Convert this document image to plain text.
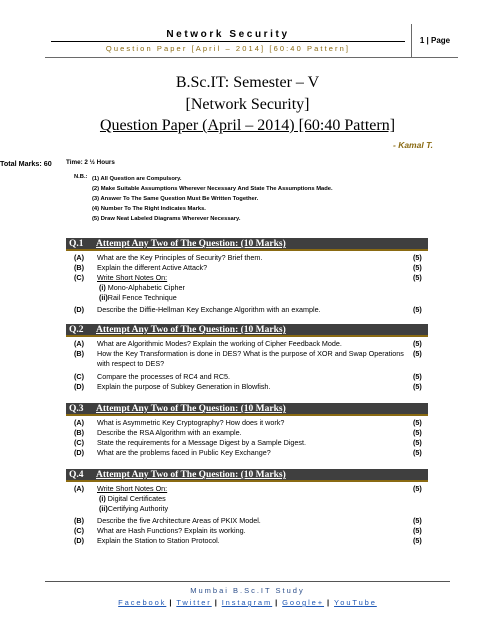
Network Security
Question Paper [April – 2014] [60:40 Pattern]
1 | Page
B.Sc.IT: Semester – V
[Network Security]
Question Paper (April – 2014) [60:40 Pattern]
- Kamal T.
Time: 2 ½ Hours
Total Marks: 60
N.B.: (1) All Question are Compulsory.
(2) Make Suitable Assumptions Wherever Necessary And State The Assumptions Made.
(3) Answer To The Same Question Must Be Written Together.
(4) Number To The Right Indicates Marks.
(5) Draw Neat Labeled Diagrams Wherever Necessary.
Q.1 Attempt Any Two of The Question: (10 Marks)
(A) What are the Key Principles of Security? Brief them.	(5)
(B) Explain the different Active Attack?	(5)
(C) Write Short Notes On:	(5)
(i) Mono-Alphabetic Cipher
(ii)Rail Fence Technique
(D) Describe the Diffie-Hellman Key Exchange Algorithm with an example.	(5)
Q.2 Attempt Any Two of The Question: (10 Marks)
(A) What are Algorithmic Modes? Explain the working of Cipher Feedback Mode.	(5)
(B) How the Key Transformation is done in DES? What is the purpose of XOR and Swap Operations with respect to DES?
(5)
(C) Compare the processes of RC4 and RC5.	(5)
(D) Explain the purpose of Subkey Generation in Blowfish.	(5)
Q.3 Attempt Any Two of The Question: (10 Marks)
(A) What is Asymmetric Key Cryptography? How does it work?	(5)
(B) Describe the RSA Algorithm with an example.	(5)
(C) State the requirements for a Message Digest by a Sample Digest.	(5)
(D) What are the problems faced in Public Key Exchange?	(5)
Q.4 Attempt Any Two of The Question: (10 Marks)
(A) Write Short Notes On:	(5)
(i) Digital Certificates
(ii)Certifying Authority
(B) Describe the five Architecture Areas of PKIX Model.	(5)
(C) What are Hash Functions? Explain its working.	(5)
(D) Explain the Station to Station Protocol.	(5)
Mumbai B.Sc.IT Study
Facebook | Twitter | Instagram | Google+ | YouTube
